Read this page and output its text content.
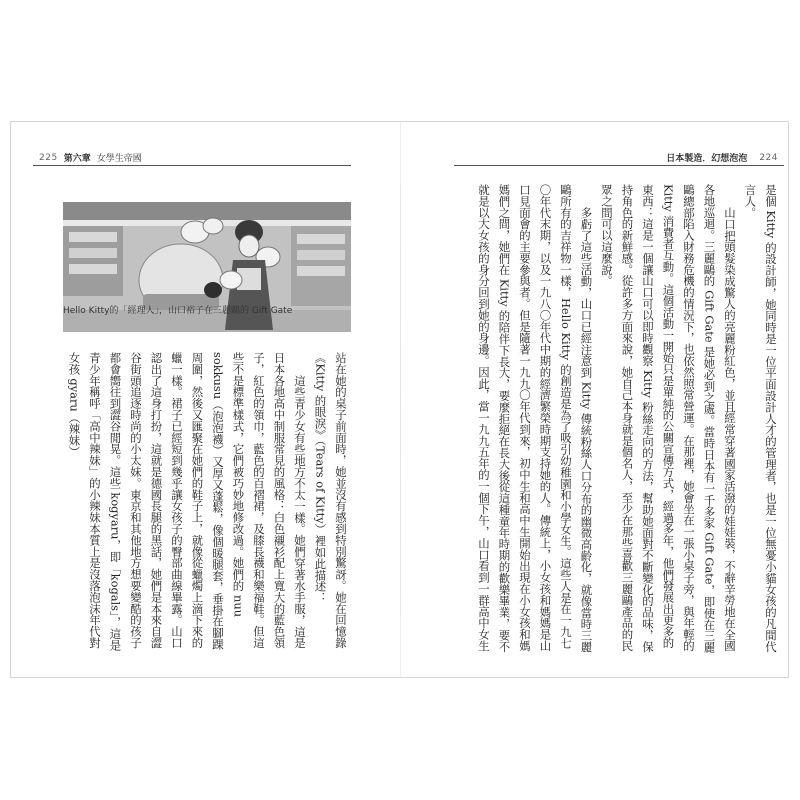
225 第六章 女學生帝國	日本製造．幻想泡泡 224
Hello Kitty的「經理人」，山口裕子在三麗鷗的 Gift Gate	是個 Kitty 的設計師，她同時是一位平面設計人才的管理者，也是一位無憂小貓女孩的凡間代言人。

山口把頭髮染成驚人的亮麗粉紅色，並且經常穿著國家活潑的娃娃裝，不辭辛勞地在全國各地巡迴。三麗鷗的 Gift Gate 是她必到之處。當時日本有一千多家 Gift Gate，即使在三麗鷗總部陷入財務危機的情況下，也依然照常營運。在那裡，她會坐在一張小桌子旁，與年輕的 Kitty 消費者互動。這個活動一開始只是單純的公關宣傳方式，經過多年，他們發展出更多的東西：這是一個讓山口可以即時觀察 Kitty 粉絲走向的方法，幫助她面對不斷變化的品味，保持角色的新鮮感。從許多方面來說，她自己本身就是個名人，至少在那些喜歡三麗鷗產品的民眾之間可以這麼說。

多虧了這些活動，山口已經注意到 Kitty 傳統粉絲人口分布的幽微高齡化，就像當時三麗鷗所有的吉祥物一樣，Hello Kitty 的創造是為了吸引幼稚園和小學女生。這些人是在一九七〇年代末期，以及一九八〇年代中期的經濟繁榮時期支持她的人。傳統上，小女孩和媽媽是山口見面會的主要參與者。但是隨著一九九〇年代到來，初中生和高中生開始出現在小女孩和媽媽們之間，她們在 Kitty 的陪伴下長大，要麼拒絕在長大後從這種童年時期的歡樂畢業，要不就是以大女孩的身分回到她的身邊。因此，當一九九五年的一個下午，山口看到一群高中女生

站在她的桌子前面時，她並沒有感到特別驚訝。她在回憶錄《Kitty 的眼淚》（Tears of Kitty）裡如此描述：

這些青少女有些地方不太一樣。她們穿著水手服，這是日本各地高中制服常見的風格：白色襯衫配上寬大的藍色領子，紅色的領巾，藍色的百褶裙，及膝長襪和樂福鞋。但這些不是標準樣式，它們被巧妙地修改過。她們的 nuu sokkusu（泡泡襪）又厚又蓬鬆，像個暖腿套，垂掛在腳踝周圍，然後又匯聚在她們的鞋子上，就像從蠟燭上滴下來的蠟一樣。裙子已經短到幾乎讓女孩子的臀部曲線畢露。山口認出了這身打扮，這就是德國長腿的黑話，她們是本來自澀谷街頭追逐時尚的小太妹。東京和其他地方想要變酷的孩子都會嚮往到澀谷閒晃。這些 kogyaru，即「kogals」，這是青少年稱呼「高中辣妹」的小辣妹本質上是沒落泡沫年代對女孩 gyaru（辣妹）
